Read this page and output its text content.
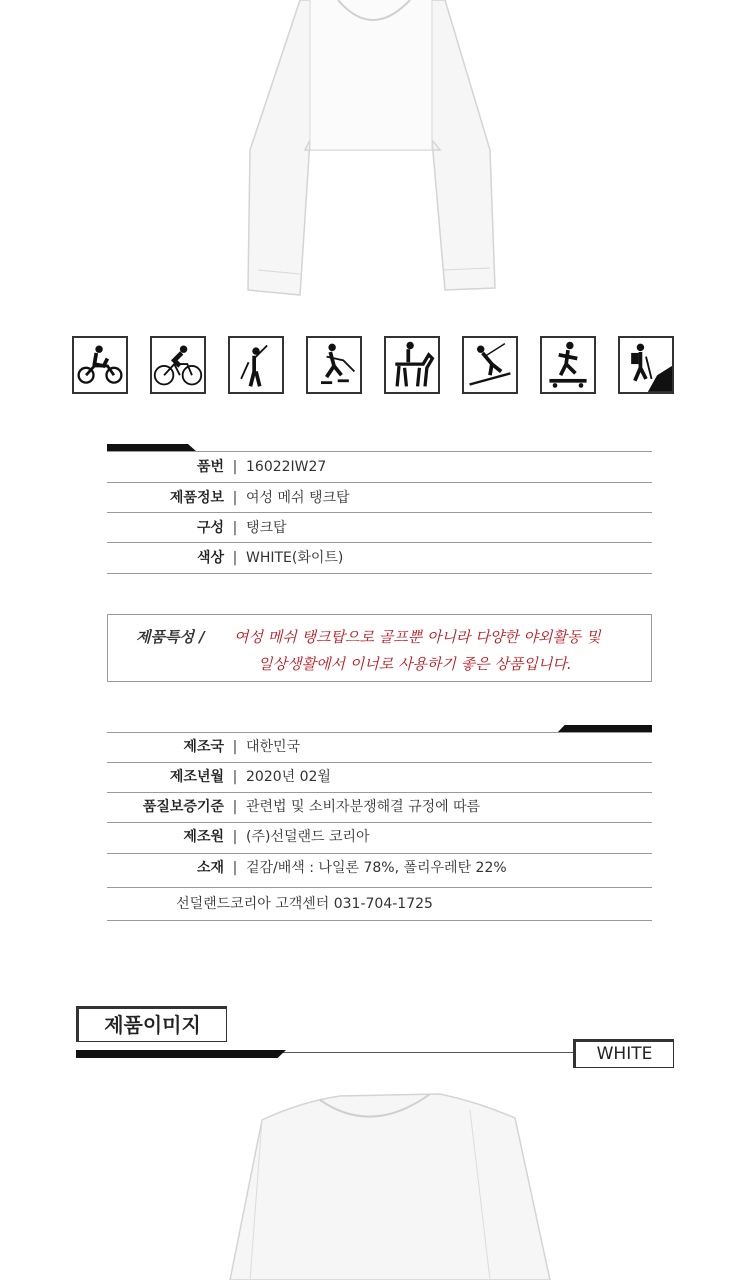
품번 | 16022IW27
제품정보 | 여성 메쉬 탱크탑
구성 | 탱크탑
색상 | WHITE(화이트)
제품특성 / 여성 메쉬 탱크탑으로 골프뿐 아니라 다양한 야외활동 및
일상생활에서 이너로 사용하기 좋은 상품입니다.
제조국 | 대한민국
제조년월 | 2020년 02월
품질보증기준 | 관련법 및 소비자분쟁해결 규정에 따름
제조원 | (주)선덜랜드 코리아
소재 | 겉감/배색 : 나일론 78%, 폴리우레탄 22%
선덜랜드코리아 고객센터 031-704-1725
제품이미지
WHITE
